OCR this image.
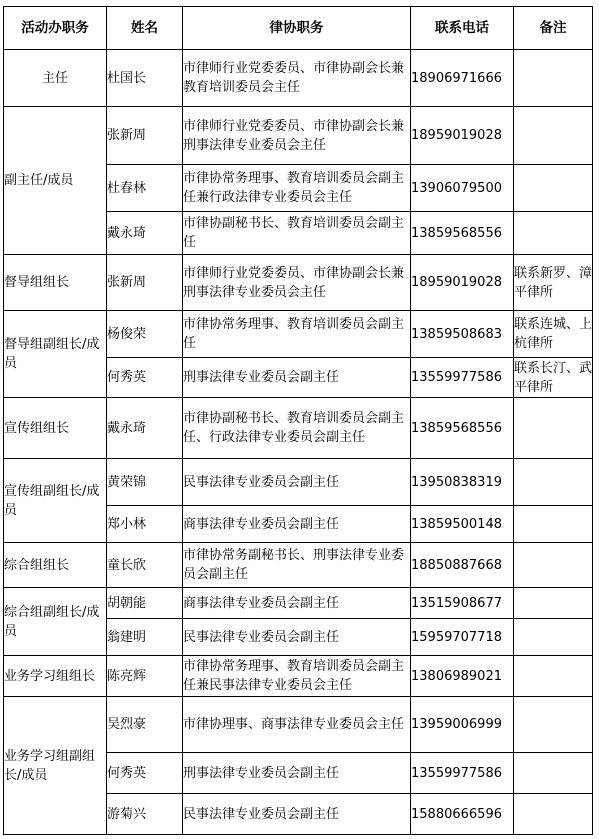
活动办职务	姓名	律协职务	联系电话	备注
主任	杜国长	市律师行业党委委员、市律协副会长兼教育培训委员会主任	18906971666	
副主任/成员	张新周	市律师行业党委委员、市律协副会长兼刑事法律专业委员会主任	18959019028	
	杜春林	市律协常务理事、教育培训委员会副主任兼行政法律专业委员会主任	13906079500	
	戴永琦	市律协副秘书长、教育培训委员会副主任	13859568556	
督导组组长	张新周	市律师行业党委委员、市律协副会长兼刑事法律专业委员会主任	18959019028	联系新罗、漳平律所
督导组副组长/成员	杨俊荣	市律协常务理事、教育培训委员会副主任	13859508683	联系连城、上杭律所
	何秀英	刑事法律专业委员会副主任	13559977586	联系长汀、武平律所
宣传组组长	戴永琦	市律协副秘书长、教育培训委员会副主任、行政法律专业委员会副主任	13859568556	
宣传组副组长/成员	黄荣锦	民事法律专业委员会副主任	13950838319	
	郑小林	商事法律专业委员会副主任	13859500148	
综合组组长	童长欣	市律协常务副秘书长、刑事法律专业委员会副主任	18850887668	
综合组副组长/成员	胡朝能	商事法律专业委员会副主任	13515908677	
	翁建明	民事法律专业委员会副主任	15959707718	
业务学习组组长	陈亮辉	市律协常务理事、教育培训委员会副主任兼民事法律专业委员会主任	13806989021	
业务学习组副组长/成员	吴烈豪	市律协理事、商事法律专业委员会主任	13959006999	
	何秀英	刑事法律专业委员会副主任	13559977586	
	游菊兴	民事法律专业委员会副主任	15880666596	
